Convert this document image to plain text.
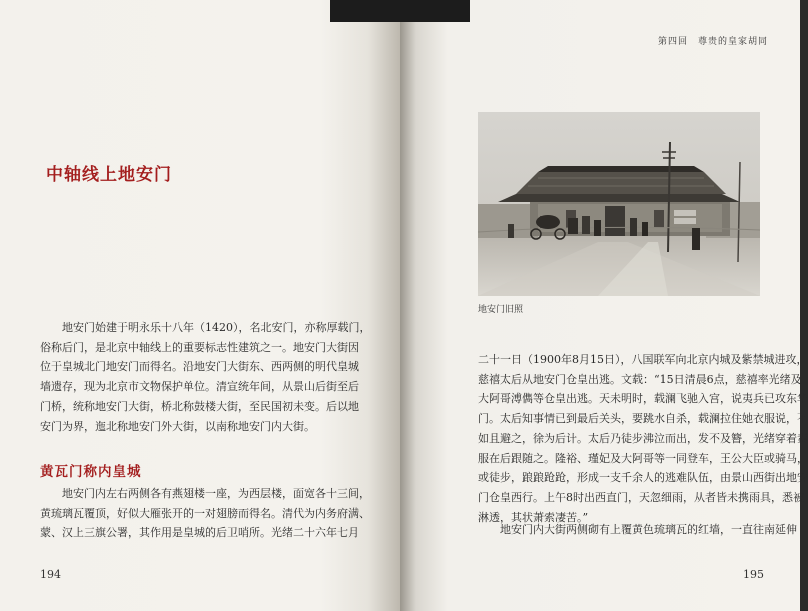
中轴线上地安门
地安门始建于明永乐十八年（1420），名北安门，亦称厚载门，
俗称后门，是北京中轴线上的重要标志性建筑之一。地安门大街因
位于皇城北门地安门而得名。沿地安门大街东、西两侧的明代皇城
墙遗存，现为北京市文物保护单位。清宣统年间，从景山后街至后
门桥，统称地安门大街，桥北称鼓楼大街，至民国初未变。后以地
安门为界，迤北称地安门外大街，以南称地安门内大街。
黄瓦门称内皇城
地安门内左右两侧各有燕翅楼一座，为西层楼，面宽各十三间，
黄琉璃瓦覆顶，好似大雁张开的一对翅膀而得名。清代为内务府满、
蒙、汉上三旗公署，其作用是皇城的后卫哨所。光绪二十六年七月
194
第四回　尊贵的皇家胡同
地安门旧照
二十一日（1900年8月15日），八国联军向北京内城及紫禁城进攻，
慈禧太后从地安门仓皇出逃。文载：“15日清晨6点，慈禧率光绪及
大阿哥溥儁等仓皇出逃。天未明时，载澜飞驰入宫，说夷兵已攻东华
门。太后知事情已到最后关头，要跳水自杀，载澜拉住她衣服说，不
如且避之，徐为后计。太后乃徒步沸泣而出，发不及簪，光绪穿着素
服在后跟随之。隆裕、瑾妃及大阿哥等一同登车，王公大臣或骑马，
或徒步，踉踉跄跄，形成一支千余人的逃难队伍，由景山西街出地安
门仓皇西行。上午8时出西直门，天忽细雨，从者皆未携雨具，悉被
淋透，其状萧索凄苦。”
地安门内大街两侧砌有上覆黄色琉璃瓦的红墙，一直往南延伸
195
